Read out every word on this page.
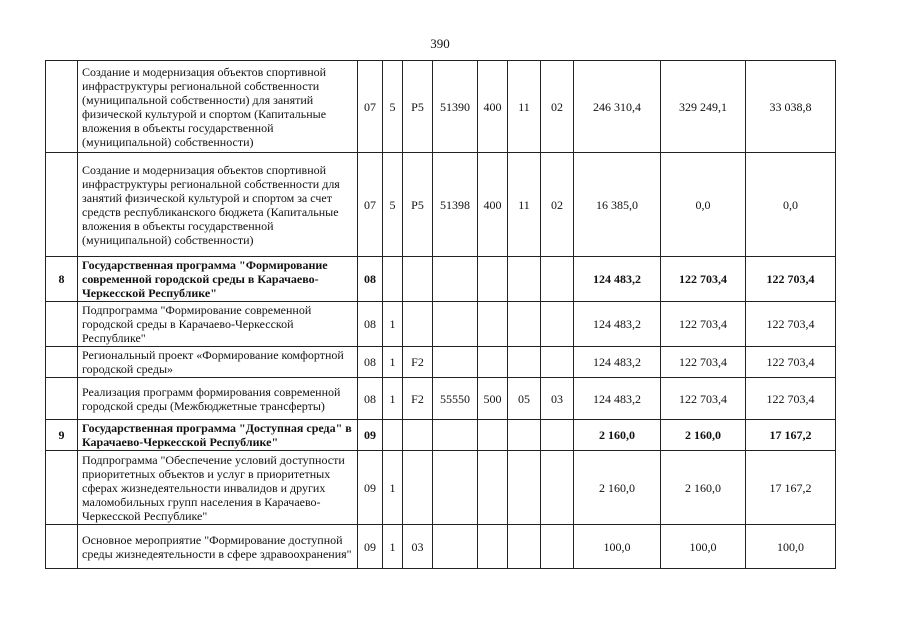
390
	Создание и модернизация объектов спортивной инфраструктуры региональной собственности (муниципальной собственности) для занятий физической культурой и спортом (Капитальные вложения в объекты государственной (муниципальной) собственности)	07	5	P5	51390	400	11	02	246 310,4	329 249,1	33 038,8
	Создание и модернизация объектов спортивной инфраструктуры региональной собственности для занятий физической культурой и спортом за счет средств республиканского бюджета (Капитальные вложения в объекты государственной (муниципальной) собственности)	07	5	P5	51398	400	11	02	16 385,0	0,0	0,0
8	Государственная программа "Формирование современной городской среды в Карачаево-Черкесской Республике"	08							124 483,2	122 703,4	122 703,4
	Подпрограмма "Формирование современной городской среды в Карачаево-Черкесской Республике"	08	1						124 483,2	122 703,4	122 703,4
	Региональный проект «Формирование комфортной городской среды»	08	1	F2					124 483,2	122 703,4	122 703,4
	Реализация программ формирования современной городской среды (Межбюджетные трансферты)	08	1	F2	55550	500	05	03	124 483,2	122 703,4	122 703,4
9	Государственная программа "Доступная среда" в Карачаево-Черкесской Республике"	09							2 160,0	2 160,0	17 167,2
	Подпрограмма "Обеспечение условий доступности приоритетных объектов и услуг в приоритетных сферах жизнедеятельности инвалидов и других маломобильных групп населения в Карачаево-Черкесской Республике"	09	1						2 160,0	2 160,0	17 167,2
	Основное мероприятие "Формирование доступной среды жизнедеятельности в сфере здравоохранения"	09	1	03					100,0	100,0	100,0
